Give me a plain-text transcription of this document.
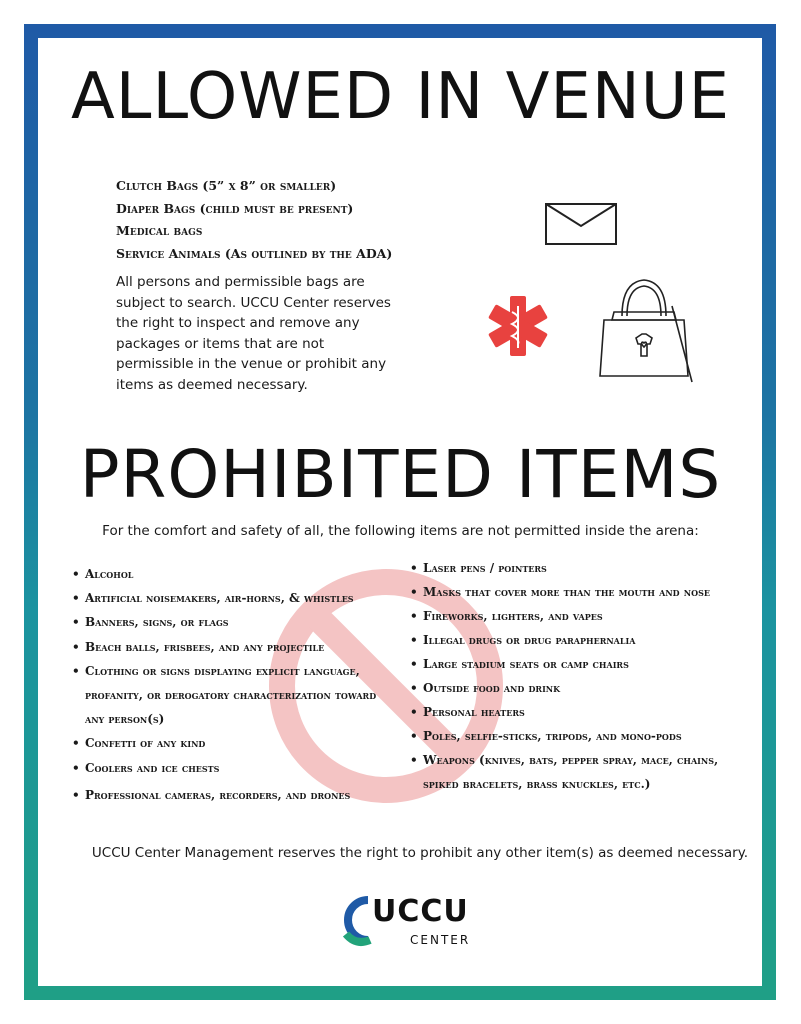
ALLOWED IN VENUE
Clutch Bags (5” x 8” or smaller)
Diaper Bags (child must be present)
Medical bags
Service Animals (As outlined by the ADA)

All persons and permissible bags are subject to search. UCCU Center reserves the right to inspect and remove any packages or items that are not permissible in the venue or prohibit any items as deemed necessary.

PROHIBITED ITEMS

For the comfort and safety of all, the following items are not permitted inside the arena:

• Alcohol
• Artificial noisemakers, air-horns, & whistles
• Banners, signs, or flags
• Beach balls, frisbees, and any projectile
• Clothing or signs displaying explicit language, profanity, or derogatory characterization toward any person(s)
• Confetti of any kind
• Coolers and ice chests
• Professional cameras, recorders, and drones
• Laser pens / pointers
• Masks that cover more than the mouth and nose
• Fireworks, lighters, and vapes
• Illegal drugs or drug paraphernalia
• Large stadium seats or camp chairs
• Outside food and drink
• Personal heaters
• Poles, selfie-sticks, tripods, and mono-pods
• Weapons (knives, bats, pepper spray, mace, chains, spiked bracelets, brass knuckles, etc.)

UCCU Center Management reserves the right to prohibit any other item(s) as deemed necessary.

UCCU

CENTER
